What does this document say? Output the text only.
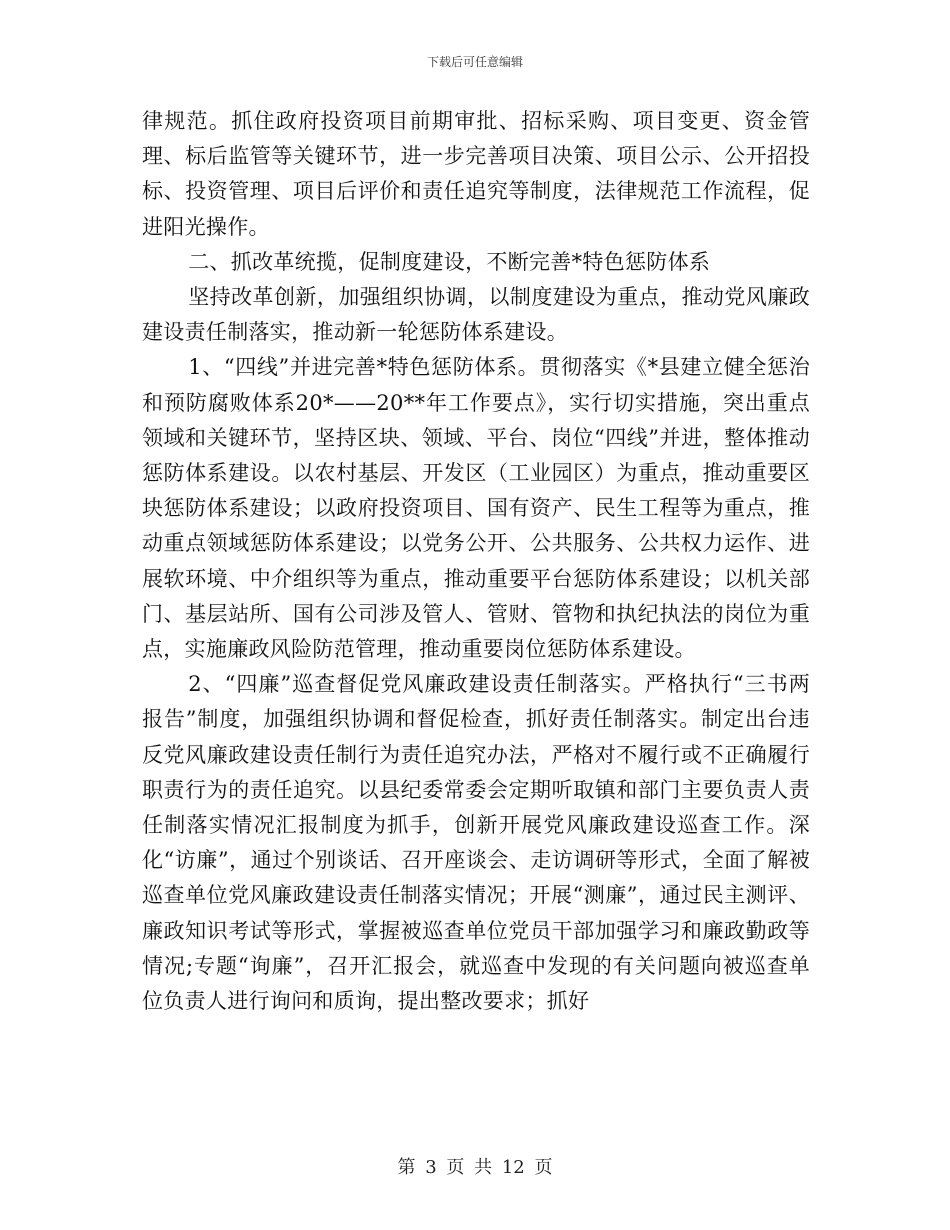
下载后可任意编辑

律规范。抓住政府投资项目前期审批、招标采购、项目变更、资金管理、标后监管等关键环节，进一步完善项目决策、项目公示、公开招投标、投资管理、项目后评价和责任追究等制度，法律规范工作流程，促进阳光操作。

二、抓改革统揽，促制度建设，不断完善*特色惩防体系

坚持改革创新，加强组织协调，以制度建设为重点，推动党风廉政建设责任制落实，推动新一轮惩防体系建设。

1、“四线”并进完善*特色惩防体系。贯彻落实《*县建立健全惩治和预防腐败体系20*——20**年工作要点》，实行切实措施，突出重点领域和关键环节，坚持区块、领域、平台、岗位“四线”并进，整体推动惩防体系建设。以农村基层、开发区（工业园区）为重点，推动重要区块惩防体系建设；以政府投资项目、国有资产、民生工程等为重点，推动重点领域惩防体系建设；以党务公开、公共服务、公共权力运作、进展软环境、中介组织等为重点，推动重要平台惩防体系建设；以机关部门、基层站所、国有公司涉及管人、管财、管物和执纪执法的岗位为重点，实施廉政风险防范管理，推动重要岗位惩防体系建设。

2、“四廉”巡查督促党风廉政建设责任制落实。严格执行“三书两报告”制度，加强组织协调和督促检查，抓好责任制落实。制定出台违反党风廉政建设责任制行为责任追究办法，严格对不履行或不正确履行职责行为的责任追究。以县纪委常委会定期听取镇和部门主要负责人责任制落实情况汇报制度为抓手，创新开展党风廉政建设巡查工作。深化“访廉”，通过个别谈话、召开座谈会、走访调研等形式，全面了解被巡查单位党风廉政建设责任制落实情况；开展“测廉”，通过民主测评、廉政知识考试等形式，掌握被巡查单位党员干部加强学习和廉政勤政等情况;专题“询廉”，召开汇报会，就巡查中发现的有关问题向被巡查单位负责人进行询问和质询，提出整改要求；抓好

第 3 页 共 12 页
